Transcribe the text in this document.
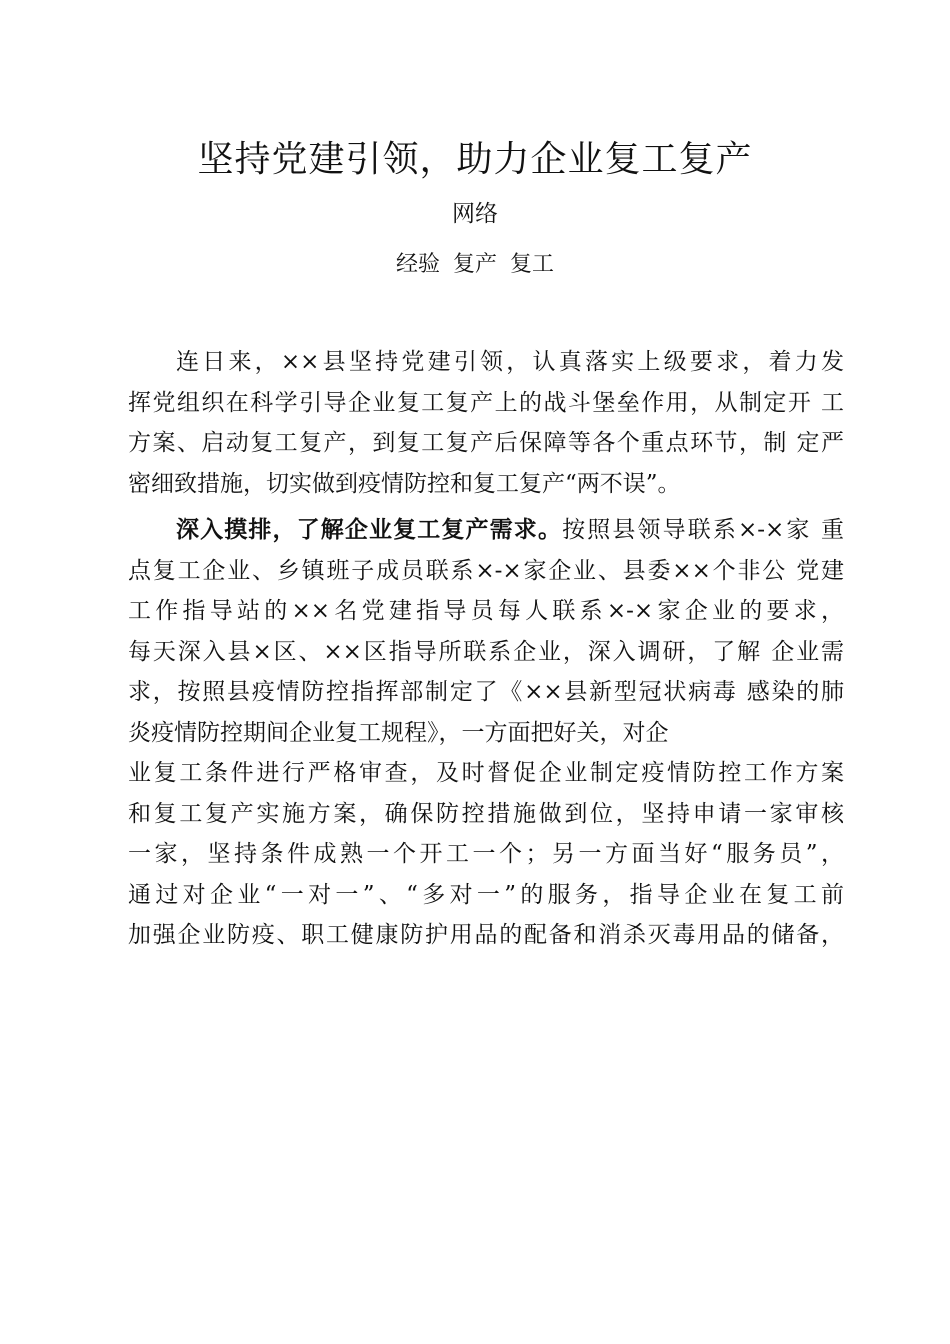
坚持党建引领，助力企业复工复产
网络
经验 复产 复工
连日来，××县坚持党建引领，认真落实上级要求，着力发
挥党组织在科学引导企业复工复产上的战斗堡垒作用，从制定开 工
方案、启动复工复产，到复工复产后保障等各个重点环节，制 定严
密细致措施，切实做到疫情防控和复工复产“两不误”。
深入摸排，了解企业复工复产需求。按照县领导联系×-×家 重
点复工企业、乡镇班子成员联系×-×家企业、县委××个非公 党建
工作指导站的××名党建指导员每人联系×-×家企业的要求，
每天深入县×区、××区指导所联系企业，深入调研，了解 企业需
求，按照县疫情防控指挥部制定了《××县新型冠状病毒 感染的肺
炎疫情防控期间企业复工规程》，一方面把好关，对企
业复工条件进行严格审查，及时督促企业制定疫情防控工作方案
和复工复产实施方案，确保防控措施做到位，坚持申请一家审核
一家，坚持条件成熟一个开工一个；另一方面当好“服务员”，
通过对企业“一对一”、“多对一”的服务，指导企业在复工前
加强企业防疫、职工健康防护用品的配备和消杀灭毒用品的储备，
